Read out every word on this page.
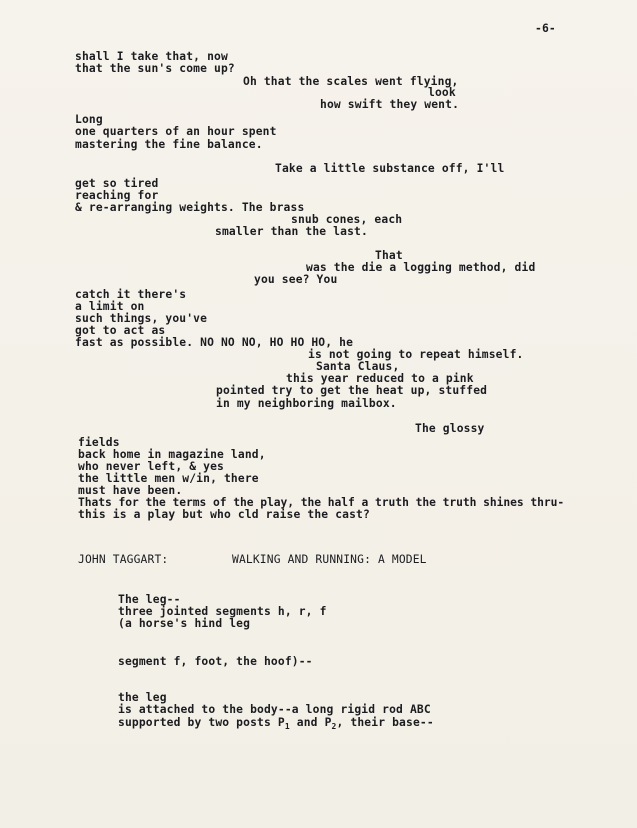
-6-
shall I take that, now
that the sun's come up?
Oh that the scales went flying,
look
how swift they went.
Long
one quarters of an hour spent
mastering the fine balance.
Take a little substance off, I'll
get so tired
reaching for
& re-arranging weights. The brass
snub cones, each
smaller than the last.
That
was the die a logging method, did
you see? You
catch it there's
a limit on
such things, you've
got to act as
fast as possible. NO NO NO, HO HO HO, he
is not going to repeat himself.
Santa Claus,
this year reduced to a pink
pointed try to get the heat up, stuffed
in my neighboring mailbox.
The glossy
fields
back home in magazine land,
who never left, & yes
the little men w/in, there
must have been.
Thats for the terms of the play, the half a truth the truth shines thru-
this is a play but who cld raise the cast?
JOHN TAGGART:	WALKING AND RUNNING: A MODEL
The leg--
three jointed segments h, r, f
(a horse's hind leg
segment f, foot, the hoof)--
the leg
is attached to the body--a long rigid rod ABC
supported by two posts $P_1$ and $P_2$, their base--
